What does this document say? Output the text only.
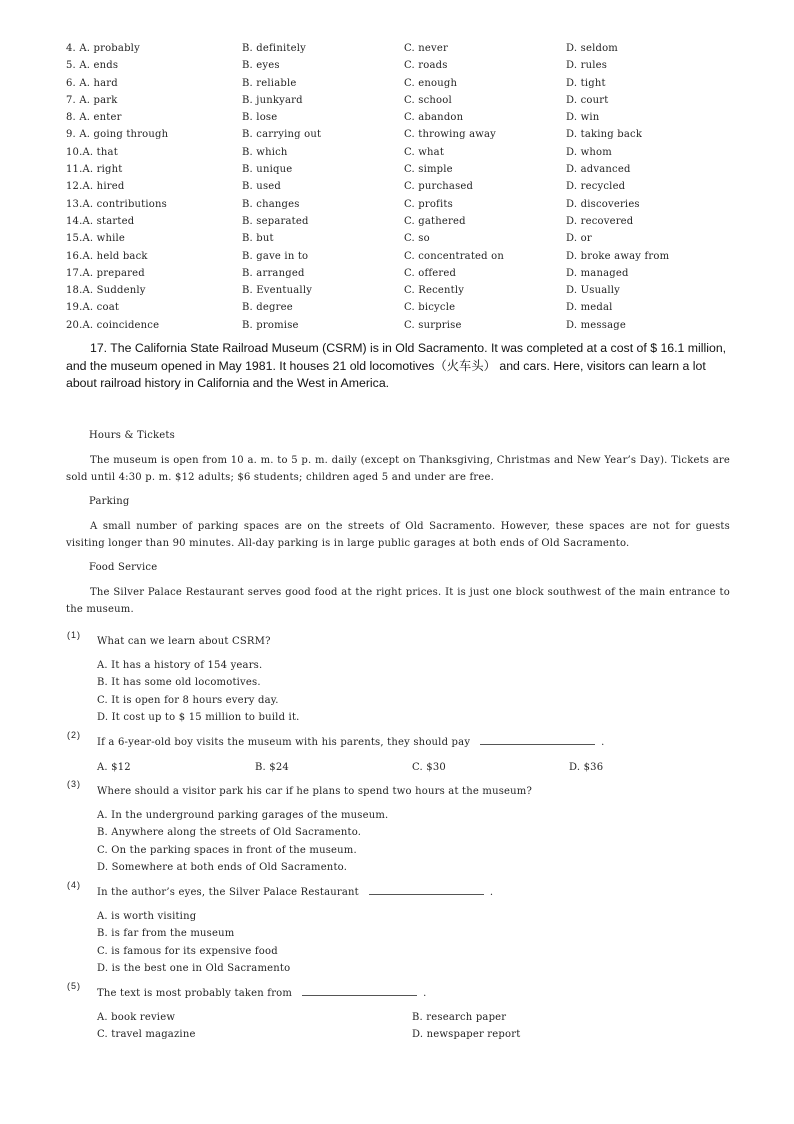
4. A. probably	B. definitely	C. never	D. seldom
5. A. ends	B. eyes	C. roads	D. rules
6. A. hard	B. reliable	C. enough	D. tight
7. A. park	B. junkyard	C. school	D. court
8. A. enter	B. lose	C. abandon	D. win
9. A. going through	B. carrying out	C. throwing away	D. taking back
10.A. that	B. which	C. what	D. whom
11.A. right	B. unique	C. simple	D. advanced
12.A. hired	B. used	C. purchased	D. recycled
13.A. contributions	B. changes	C. profits	D. discoveries
14.A. started	B. separated	C. gathered	D. recovered
15.A. while	B. but	C. so	D. or
16.A. held back	B. gave in to	C. concentrated on	D. broke away from
17.A. prepared	B. arranged	C. offered	D. managed
18.A. Suddenly	B. Eventually	C. Recently	D. Usually
19.A. coat	B. degree	C. bicycle	D. medal
20.A. coincidence	B. promise	C. surprise	D. message
17. The California State Railroad Museum (CSRM) is in Old Sacramento. It was completed at a cost of $ 16.1 million,
and the museum opened in May 1981. It houses 21 old locomotives（火车头） and cars. Here, visitors can learn a lot
about railroad history in California and the West in America.
Hours & Tickets
The museum is open from 10 a. m. to 5 p. m. daily (except on Thanksgiving, Christmas and New Year’s Day). Tickets are sold until 4:30 p. m. $12 adults; $6 students; children aged 5 and under are free.
Parking
A small number of parking spaces are on the streets of Old Sacramento. However, these spaces are not for guests visiting longer than 90 minutes. All-day parking is in large public garages at both ends of Old Sacramento.
Food Service
The Silver Palace Restaurant serves good food at the right prices. It is just one block southwest of the main entrance to the museum.
(1)
What can we learn about CSRM?
A. It has a history of 154 years.
B. It has some old locomotives.
C. It is open for 8 hours every day.
D. It cost up to $ 15 million to build it.
(2)
If a 6-year-old boy visits the museum with his parents, they should pay	.
A. $12	B. $24	C. $30	D. $36
(3)
Where should a visitor park his car if he plans to spend two hours at the museum?
A. In the underground parking garages of the museum.
B. Anywhere along the streets of Old Sacramento.
C. On the parking spaces in front of the museum.
D. Somewhere at both ends of Old Sacramento.
(4)
In the author’s eyes, the Silver Palace Restaurant	.
A. is worth visiting
B. is far from the museum
C. is famous for its expensive food
D. is the best one in Old Sacramento
(5)
The text is most probably taken from	.
A. book review	B. research paper
C. travel magazine	D. newspaper report
